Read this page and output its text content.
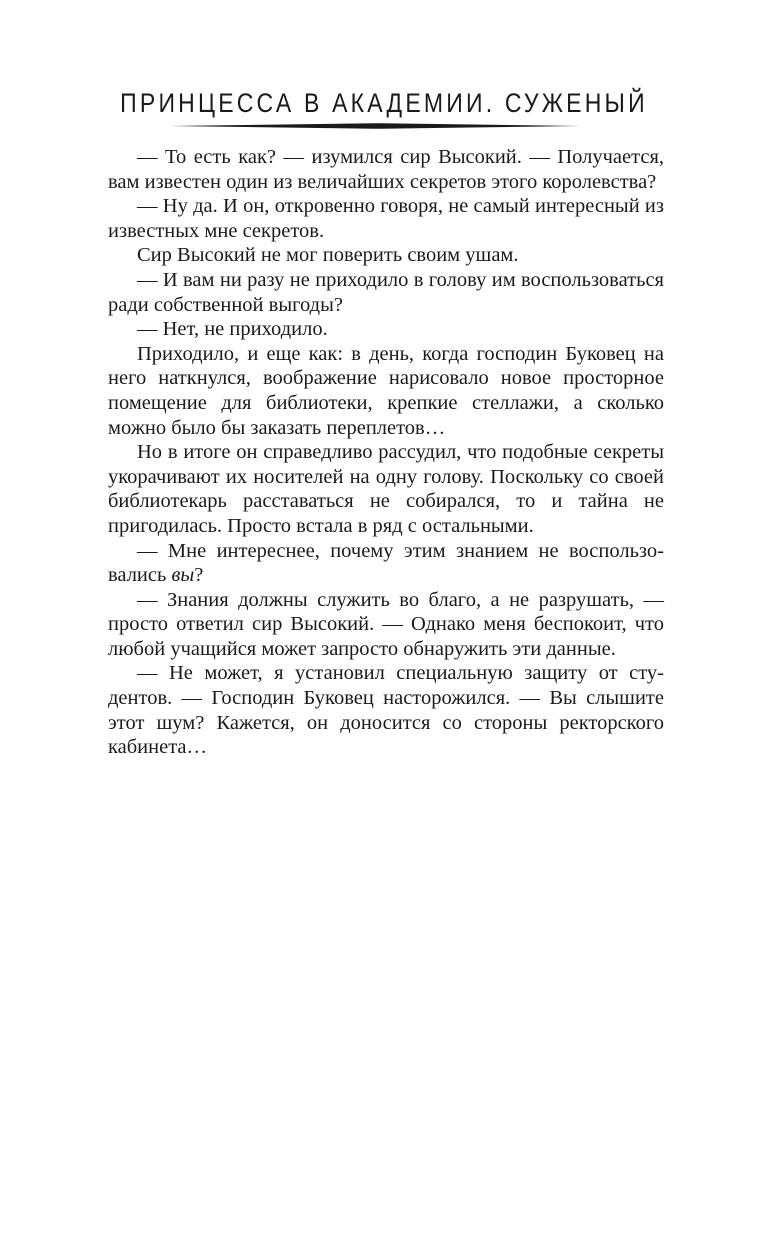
ПРИНЦЕССА В АКАДЕМИИ. СУЖЕНЫЙ

— То есть как? — изумился сир Высокий. — Получается, вам известен один из величайших секретов этого королевства?

— Ну да. И он, откровенно говоря, не самый интересный из известных мне секретов.

Сир Высокий не мог поверить своим ушам.

— И вам ни разу не приходило в голову им воспользоваться ради собственной выгоды?

— Нет, не приходило.

Приходило, и еще как: в день, когда господин Буковец на него наткнулся, воображение нарисовало новое просторное помещение для библиотеки, крепкие стеллажи, а сколько можно было бы заказать переплетов…

Но в итоге он справедливо рассудил, что подобные секреты укорачивают их носителей на одну голову. Поскольку со своей библиотекарь расставаться не собирался, то и тайна не пригодилась. Просто встала в ряд с остальными.

— Мне интереснее, почему этим знанием не воспользовались вы?

— Знания должны служить во благо, а не разрушать, — просто ответил сир Высокий. — Однако меня беспокоит, что любой учащийся может запросто обнаружить эти данные.

— Не может, я установил специальную защиту от студентов. — Господин Буковец насторожился. — Вы слышите этот шум? Кажется, он доносится со стороны ректорского кабинета…
